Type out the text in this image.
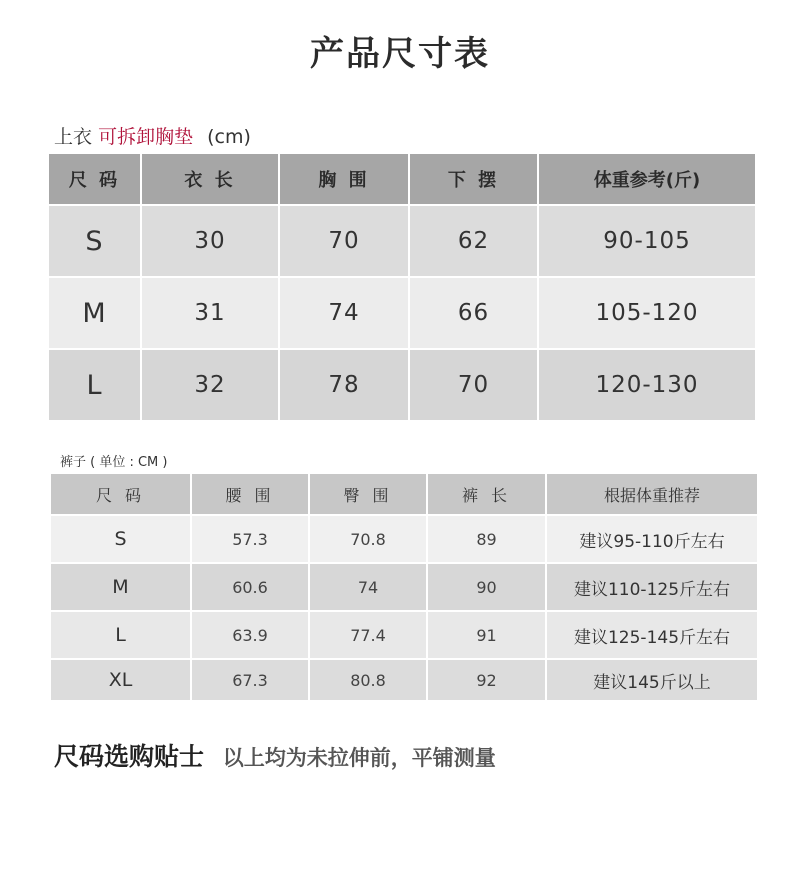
产品尺寸表
上衣 可拆卸胸垫 (cm)
尺 码	衣 长	胸 围	下 摆	体重参考(斤)
S	30	70	62	90-105
M	31	74	66	105-120
L	32	78	70	120-130
裤子 ( 单位 : CM )
尺 码	腰 围	臀 围	裤 长	根据体重推荐
S	57.3	70.8	89	建议95-110斤左右
M	60.6	74	90	建议110-125斤左右
L	63.9	77.4	91	建议125-145斤左右
XL	67.3	80.8	92	建议145斤以上
尺码选购贴士 以上均为未拉伸前，平铺测量
